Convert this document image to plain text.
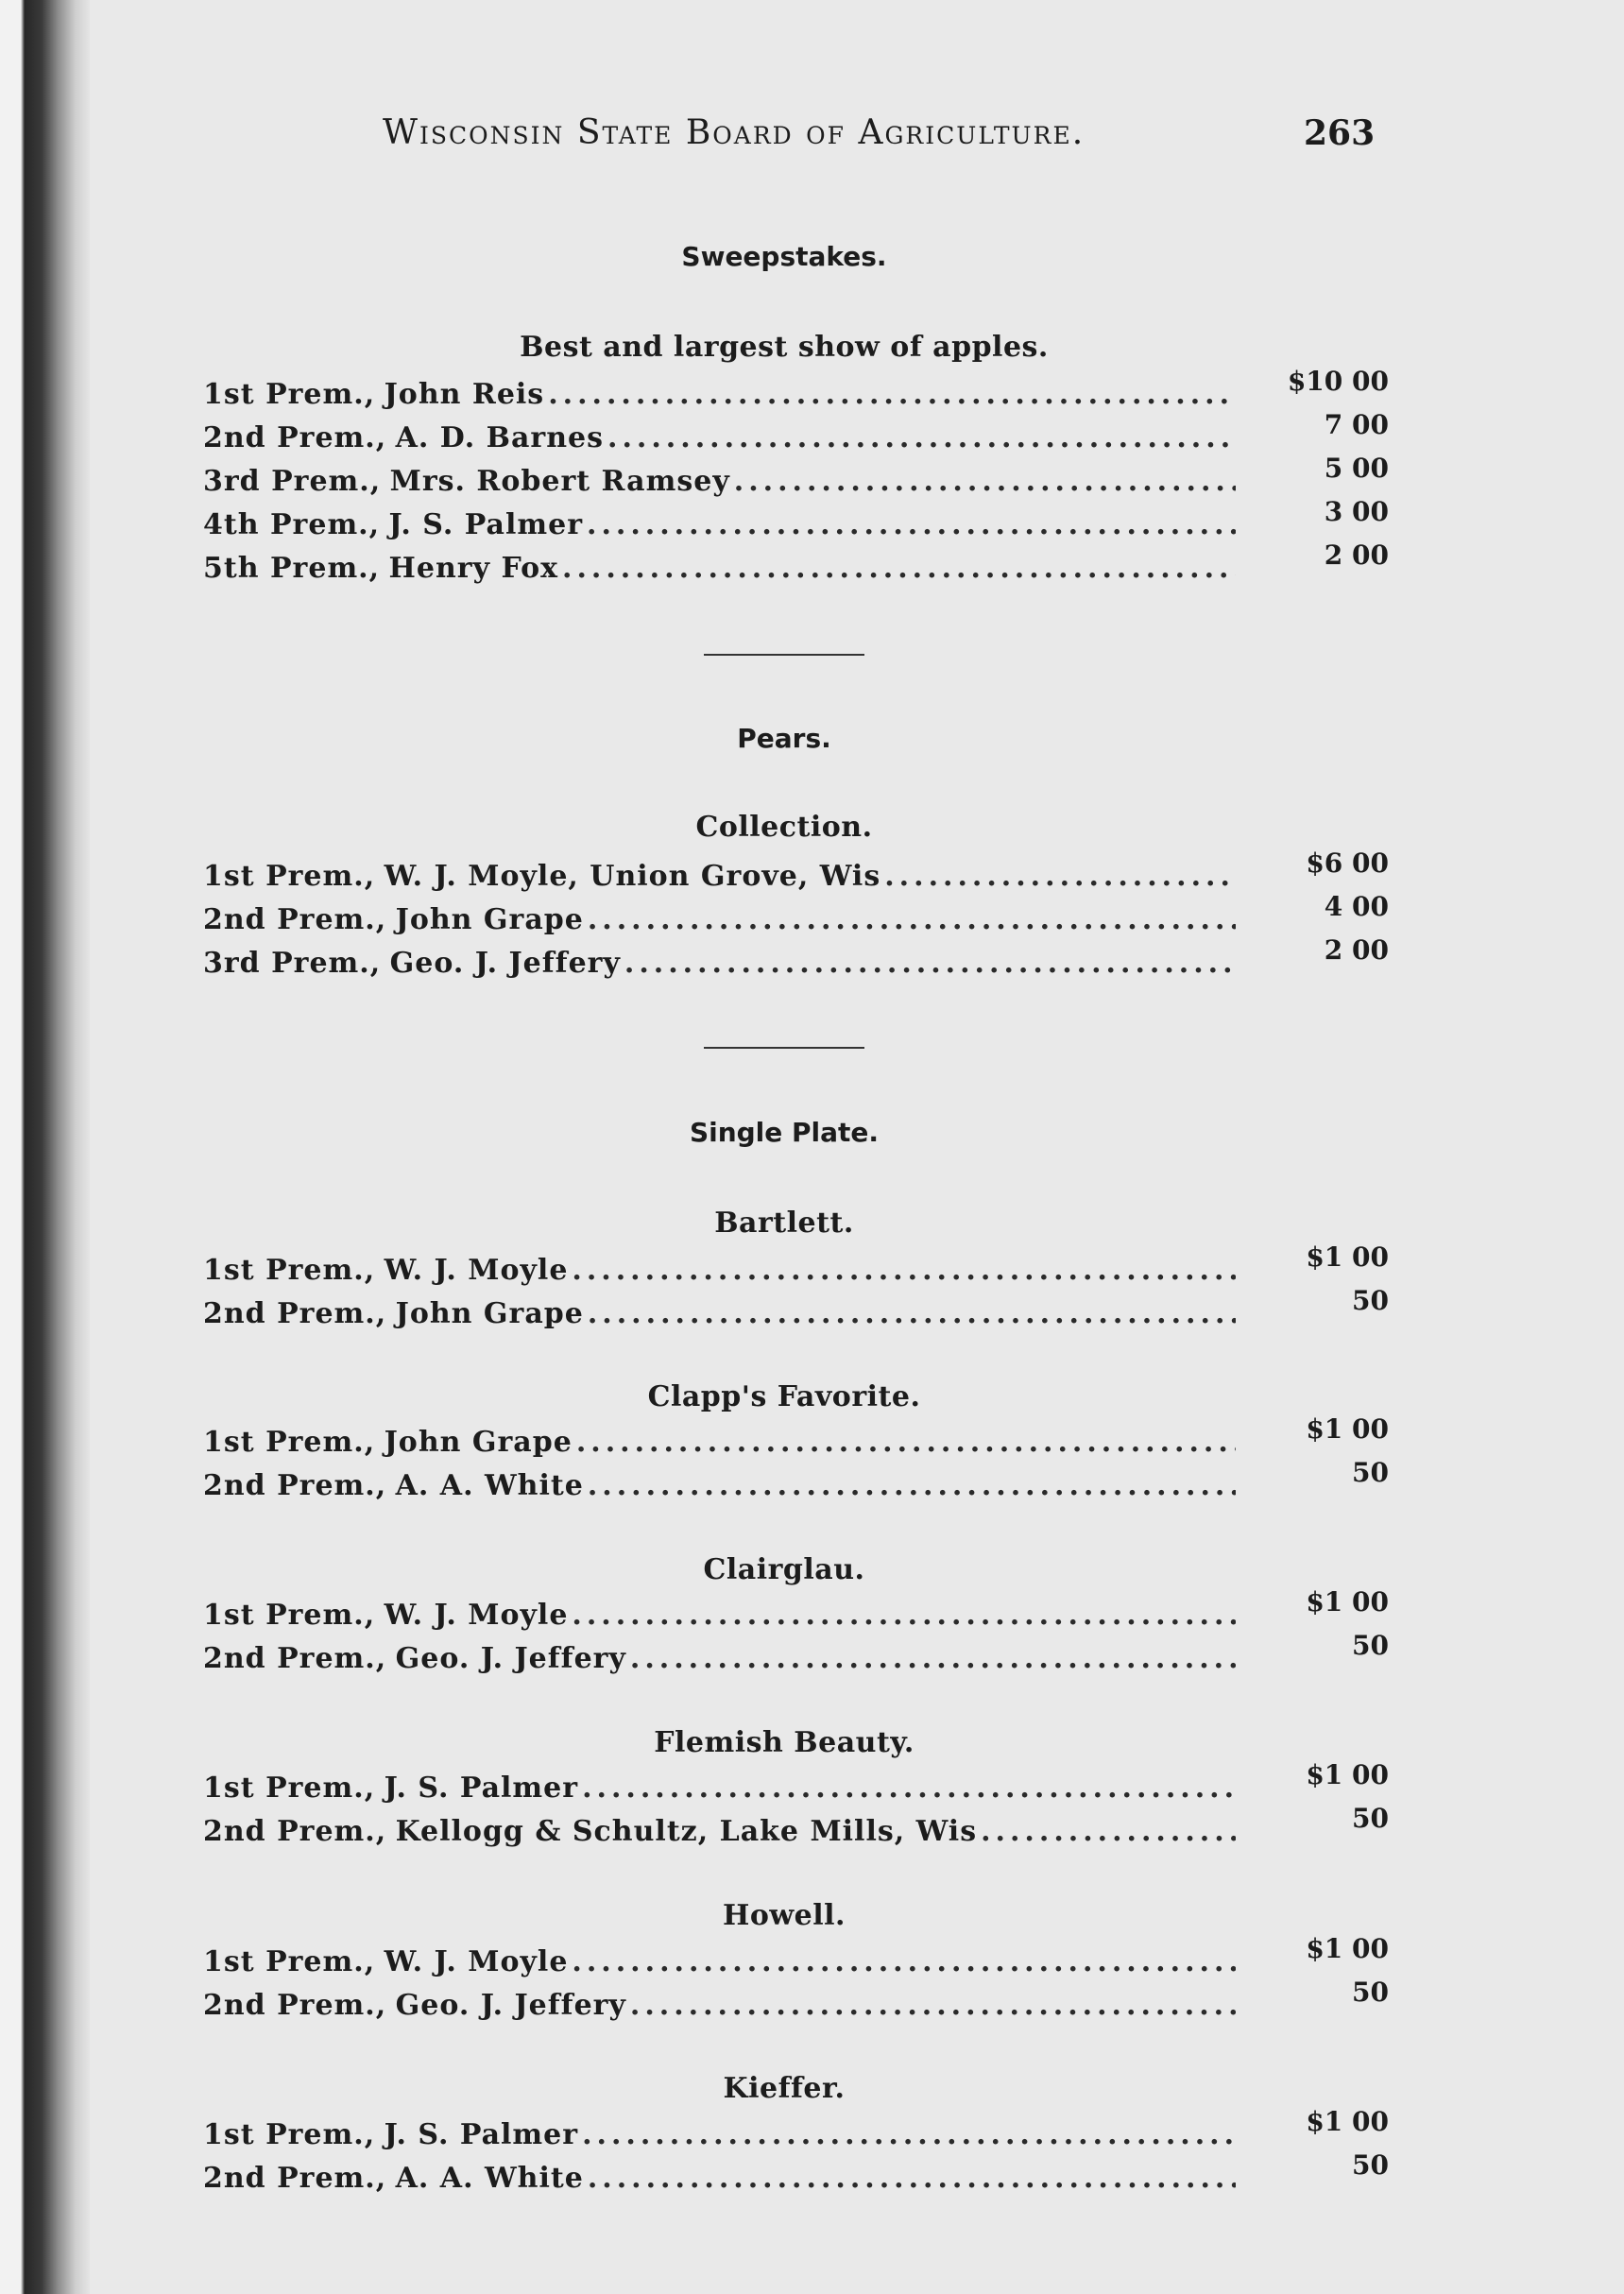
Wisconsin State Board of Agriculture.	263
Sweepstakes.
Best and largest show of apples.
1st Prem. , John Reis .....	$10 00
2nd Prem. , A. D. Barnes .....	7 00
3rd Prem. , Mrs. Robert Ramsey .....	5 00
4th Prem. , J. S. Palmer .....	3 00
5th Prem. , Henry Fox .....	2 00
Pears.
Collection.
1st Prem. , W. J. Moyle, Union Grove, Wis .....	$6 00
2nd Prem. , John Grape .....	4 00
3rd Prem. , Geo. J. Jeffery .....	2 00
Single Plate.
Bartlett.
1st Prem. , W. J. Moyle .....	$1 00
2nd Prem. , John Grape .....	50
Clapp's Favorite.
1st Prem. , John Grape .....	$1 00
2nd Prem. , A. A. White .....	50
Clairglau.
1st Prem. , W. J. Moyle .....	$1 00
2nd Prem. , Geo. J. Jeffery .....	50
Flemish Beauty.
1st Prem. , J. S. Palmer .....	$1 00
2nd Prem. , Kellogg & Schultz, Lake Mills, Wis .....	50
Howell.
1st Prem. , W. J. Moyle .....	$1 00
2nd Prem. , Geo. J. Jeffery .....	50
Kieffer.
1st Prem. , J. S. Palmer .....	$1 00
2nd Prem. , A. A. White .....	50
